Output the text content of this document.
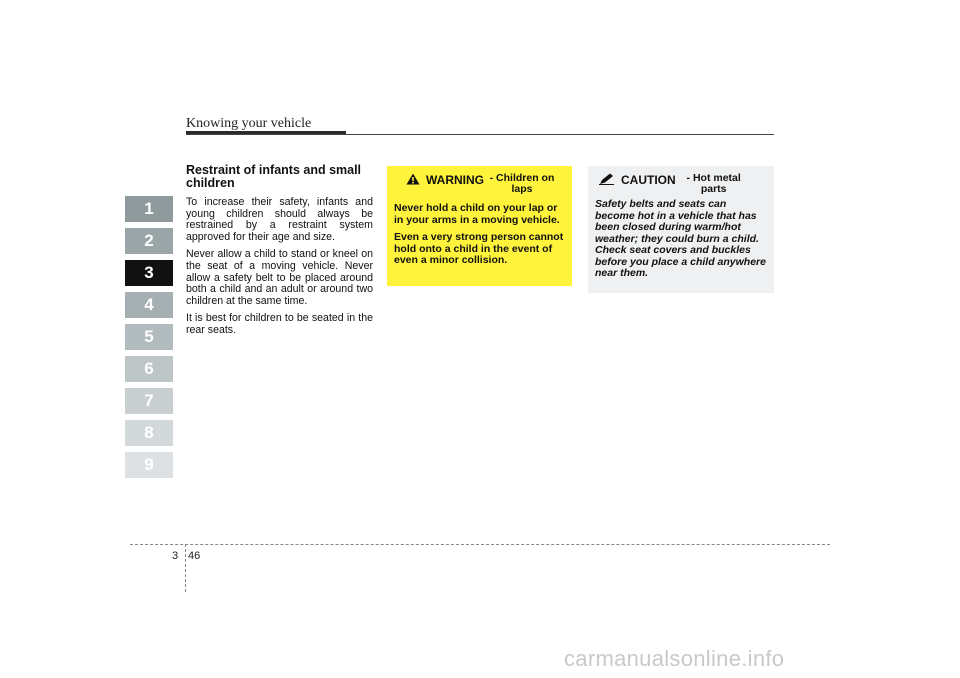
Knowing your vehicle
1
2
3
4
5
6
7
8
9
Restraint of infants and small children

To increase their safety, infants and young children should always be restrained by a restraint system approved for their age and size.

Never allow a child to stand or kneel on the seat of a moving vehicle. Never allow a safety belt to be placed around both a child and an adult or around two children at the same time.

It is best for children to be seated in the rear seats.

WARNING - Children on laps

Never hold a child on your lap or in your arms in a moving vehicle.

Even a very strong person cannot hold onto a child in the event of even a minor collision.

CAUTION	- Hot metal parts

Safety belts and seats can become hot in a vehicle that has been closed during warm/hot weather; they could burn a child. Check seat covers and buckles before you place a child anywhere near them.

3 46
carmanualsonline.info
